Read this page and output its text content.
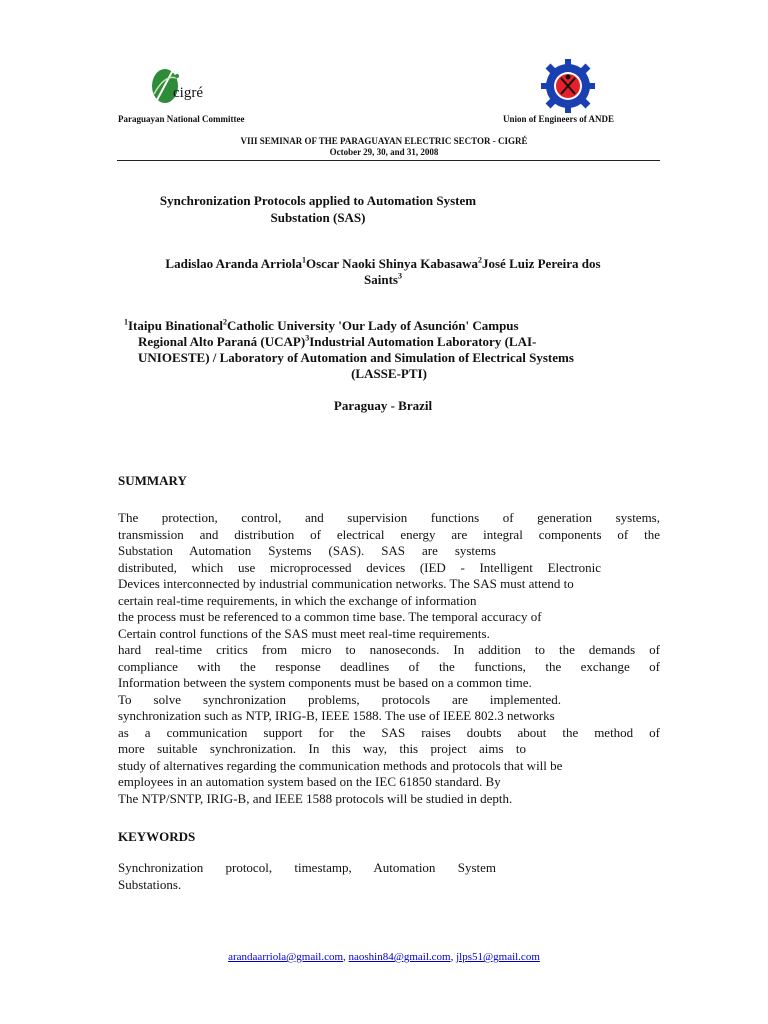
cigré
Paraguayan National Committee	Union of Engineers of ANDE
VIII SEMINAR OF THE PARAGUAYAN ELECTRIC SECTOR - CIGRÉ
October 29, 30, and 31, 2008
Synchronization Protocols applied to Automation System
Substation (SAS)
Ladislao Aranda Arriola$^1$Oscar Naoki Shinya Kabasawa$^2$José Luiz Pereira dos
Saints$^3$
$^1$Itaipu Binational$^2$Catholic University 'Our Lady of Asunción' Campus
Regional Alto Paraná (UCAP)$^3$Industrial Automation Laboratory (LAI-
UNIOESTE) / Laboratory of Automation and Simulation of Electrical Systems
(LASSE-PTI)
Paraguay - Brazil
SUMMARY
The protection, control, and supervision functions of generation systems,
transmission and distribution of electrical energy are integral components of the
Substation Automation Systems (SAS). SAS are systems
distributed, which use microprocessed devices (IED - Intelligent Electronic
Devices interconnected by industrial communication networks. The SAS must attend to
certain real-time requirements, in which the exchange of information
the process must be referenced to a common time base. The temporal accuracy of
Certain control functions of the SAS must meet real-time requirements.
hard real-time critics from micro to nanoseconds. In addition to the demands of
compliance with the response deadlines of the functions, the exchange of
Information between the system components must be based on a common time.
To solve synchronization problems, protocols are implemented.
synchronization such as NTP, IRIG-B, IEEE 1588. The use of IEEE 802.3 networks
as a communication support for the SAS raises doubts about the method of
more suitable synchronization. In this way, this project aims to
study of alternatives regarding the communication methods and protocols that will be
employees in an automation system based on the IEC 61850 standard. By
The NTP/SNTP, IRIG-B, and IEEE 1588 protocols will be studied in depth.
KEYWORDS
Synchronization protocol, timestamp, Automation System
Substations.
arandaarriola@gmail.com, naoshin84@gmail.com, jlps51@gmail.com
